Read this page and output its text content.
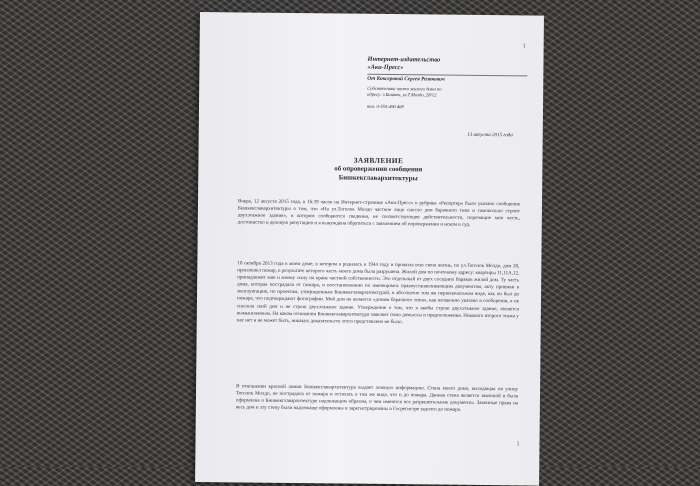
1
Интернет-издательство
«Аки-Пресс»
От Коксеровой Сергея Разакович
Собственники части жилого дома по
адресу: г.Бишкек, ул.Т.Молдо, 28/12
тел. 0-555-490 468
13 августа 2015 года
ЗАЯВЛЕНИЕ
об опровержении сообщения
Бишкекглавархитектуры
Вчера, 12 августа 2015 года, в 16:39 часов на Интернет-странице «Аки-Пресс» в рубрике «Репортер» было указано сообщение Бишкекглавархитектуры о том, что «На ул.Тоголок Молдо частное лицо снесло дом барачного типа и самовольно строит двухэтажное здание», в котором сообщаются сведения, не соответствующие действительности, порочащие мои честь, достоинство и деловую репутацию и я вынуждена обратиться с заявлением об опровержении и иском в суд.
10 октября 2013 года в моем доме, в котором я родилась в 1944 году и прожила всю свою жизнь, по ул.Тоголок Молдо, дом 28, произошел пожар, в результате которого часть моего дома была разрушена. Жилой дом по почтовому адресу: квартиры 11,11А,12, принадлежит мне и моему сыну на праве частной собственности. Это отдельный от двух соседних бараков жилой дом. Ту часть дома, которая пострадала от пожара, и восстановлению по имеющимся правоустанавливающим документам, акту приемки в эксплуатацию, по проектам, утвержденным Бишкекглавархитектурой, в абсолютно том же первоначальном виде, как он был до пожара, что подтверждают фотографии. Мой дом не является «домом барачного типа», как незаконно указано в сообщении, я не сносила свой дом и не строю двухэтажное здание. Утверждение о том, что я якобы строю двухэтажное здание, является вымышленным. На каком основании Бишкекглавархитектура заявляет свою домыслы и предположения. Никакого второго этажа у нас нет и не может быть, никаких доказательств этого представлено не было.
В отношении красной линии Бишкекглавархитектура выдает ложную информацию. Стена моего дома, выходящая на улицу Тоголок Молдо, не пострадала от пожара и осталась в том же виде, что и до пожара. Данная стена является законной и была оформлена в Бишкекглавархитектуре надлежащим образом, о чем имеются все разрешительные документы. Законные права на весь дом и эту стену были надлежаще оформлены и зарегистрированы в Госрегистре задолго до пожара.
1
